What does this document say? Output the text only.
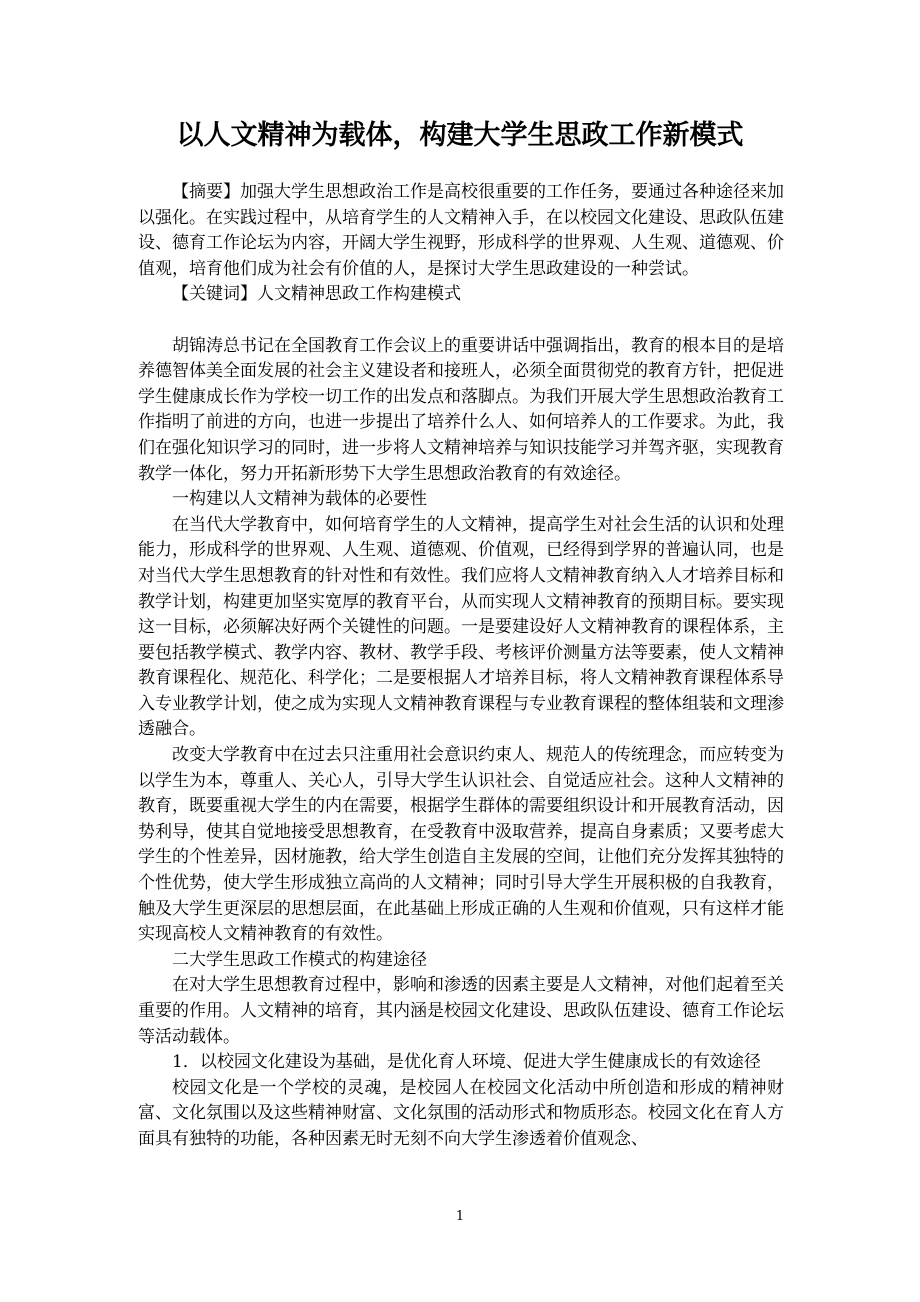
以人文精神为载体，构建大学生思政工作新模式

【摘要】加强大学生思想政治工作是高校很重要的工作任务，要通过各种途径来加以强化。在实践过程中，从培育学生的人文精神入手，在以校园文化建设、思政队伍建设、德育工作论坛为内容，开阔大学生视野，形成科学的世界观、人生观、道德观、价值观，培育他们成为社会有价值的人，是探讨大学生思政建设的一种尝试。

【关键词】人文精神思政工作构建模式

胡锦涛总书记在全国教育工作会议上的重要讲话中强调指出，教育的根本目的是培养德智体美全面发展的社会主义建设者和接班人，必须全面贯彻党的教育方针，把促进学生健康成长作为学校一切工作的出发点和落脚点。为我们开展大学生思想政治教育工作指明了前进的方向，也进一步提出了培养什么人、如何培养人的工作要求。为此，我们在强化知识学习的同时，进一步将人文精神培养与知识技能学习并驾齐驱，实现教育教学一体化，努力开拓新形势下大学生思想政治教育的有效途径。

一构建以人文精神为载体的必要性

在当代大学教育中，如何培育学生的人文精神，提高学生对社会生活的认识和处理能力，形成科学的世界观、人生观、道德观、价值观，已经得到学界的普遍认同，也是对当代大学生思想教育的针对性和有效性。我们应将人文精神教育纳入人才培养目标和教学计划，构建更加坚实宽厚的教育平台，从而实现人文精神教育的预期目标。要实现这一目标，必须解决好两个关键性的问题。一是要建设好人文精神教育的课程体系，主要包括教学模式、教学内容、教材、教学手段、考核评价测量方法等要素，使人文精神教育课程化、规范化、科学化；二是要根据人才培养目标，将人文精神教育课程体系导入专业教学计划，使之成为实现人文精神教育课程与专业教育课程的整体组装和文理渗透融合。

改变大学教育中在过去只注重用社会意识约束人、规范人的传统理念，而应转变为以学生为本，尊重人、关心人，引导大学生认识社会、自觉适应社会。这种人文精神的教育，既要重视大学生的内在需要，根据学生群体的需要组织设计和开展教育活动，因势利导，使其自觉地接受思想教育，在受教育中汲取营养，提高自身素质；又要考虑大学生的个性差异，因材施教，给大学生创造自主发展的空间，让他们充分发挥其独特的个性优势，使大学生形成独立高尚的人文精神；同时引导大学生开展积极的自我教育，触及大学生更深层的思想层面，在此基础上形成正确的人生观和价值观，只有这样才能实现高校人文精神教育的有效性。

二大学生思政工作模式的构建途径

在对大学生思想教育过程中，影响和渗透的因素主要是人文精神，对他们起着至关重要的作用。人文精神的培育，其内涵是校园文化建设、思政队伍建设、德育工作论坛等活动载体。

1．以校园文化建设为基础，是优化育人环境、促进大学生健康成长的有效途径

校园文化是一个学校的灵魂，是校园人在校园文化活动中所创造和形成的精神财富、文化氛围以及这些精神财富、文化氛围的活动形式和物质形态。校园文化在育人方面具有独特的功能，各种因素无时无刻不向大学生渗透着价值观念、

1
